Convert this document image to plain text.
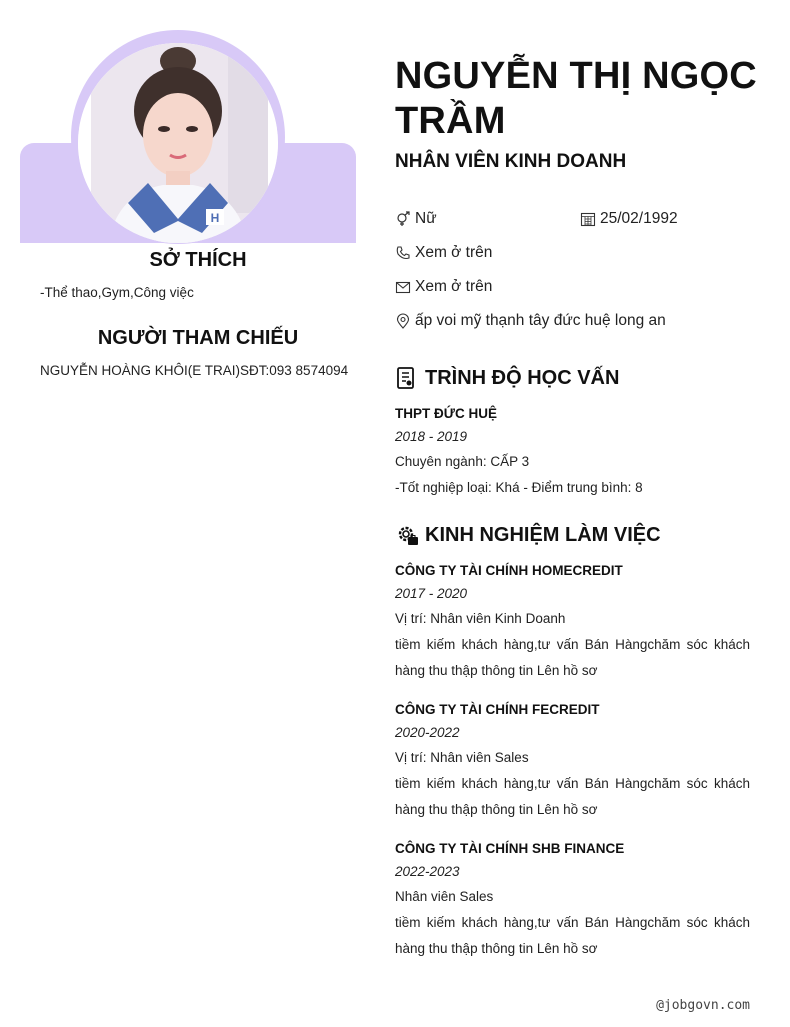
H
SỞ THÍCH
-Thể thao,Gym,Công việc
NGƯỜI THAM CHIẾU
NGUYỄN HOÀNG KHÔI(E TRAI)SĐT:093 8574094
NGUYỄN THỊ NGỌC TRẦM
NHÂN VIÊN KINH DOANH
Nữ	25/02/1992
Xem ở trên
Xem ở trên
ấp voi mỹ thạnh tây đức huệ long an
TRÌNH ĐỘ HỌC VẤN
THPT ĐỨC HUỆ
2018 - 2019
Chuyên ngành: CẤP 3
-Tốt nghiệp loại: Khá - Điểm trung bình: 8
KINH NGHIỆM LÀM VIỆC
CÔNG TY TÀI CHÍNH HOMECREDIT
2017 - 2020
Vị trí: Nhân viên Kinh Doanh
tiềm kiếm khách hàng,tư vấn Bán Hàngchăm sóc khách hàng thu thập thông tin Lên hồ sơ
CÔNG TY TÀI CHÍNH FECREDIT
2020-2022
Vị trí: Nhân viên Sales
tiềm kiếm khách hàng,tư vấn Bán Hàngchăm sóc khách hàng thu thập thông tin Lên hồ sơ
CÔNG TY TÀI CHÍNH SHB FINANCE
2022-2023
Nhân viên Sales
tiềm kiếm khách hàng,tư vấn Bán Hàngchăm sóc khách hàng thu thập thông tin Lên hồ sơ
@jobgovn.com
